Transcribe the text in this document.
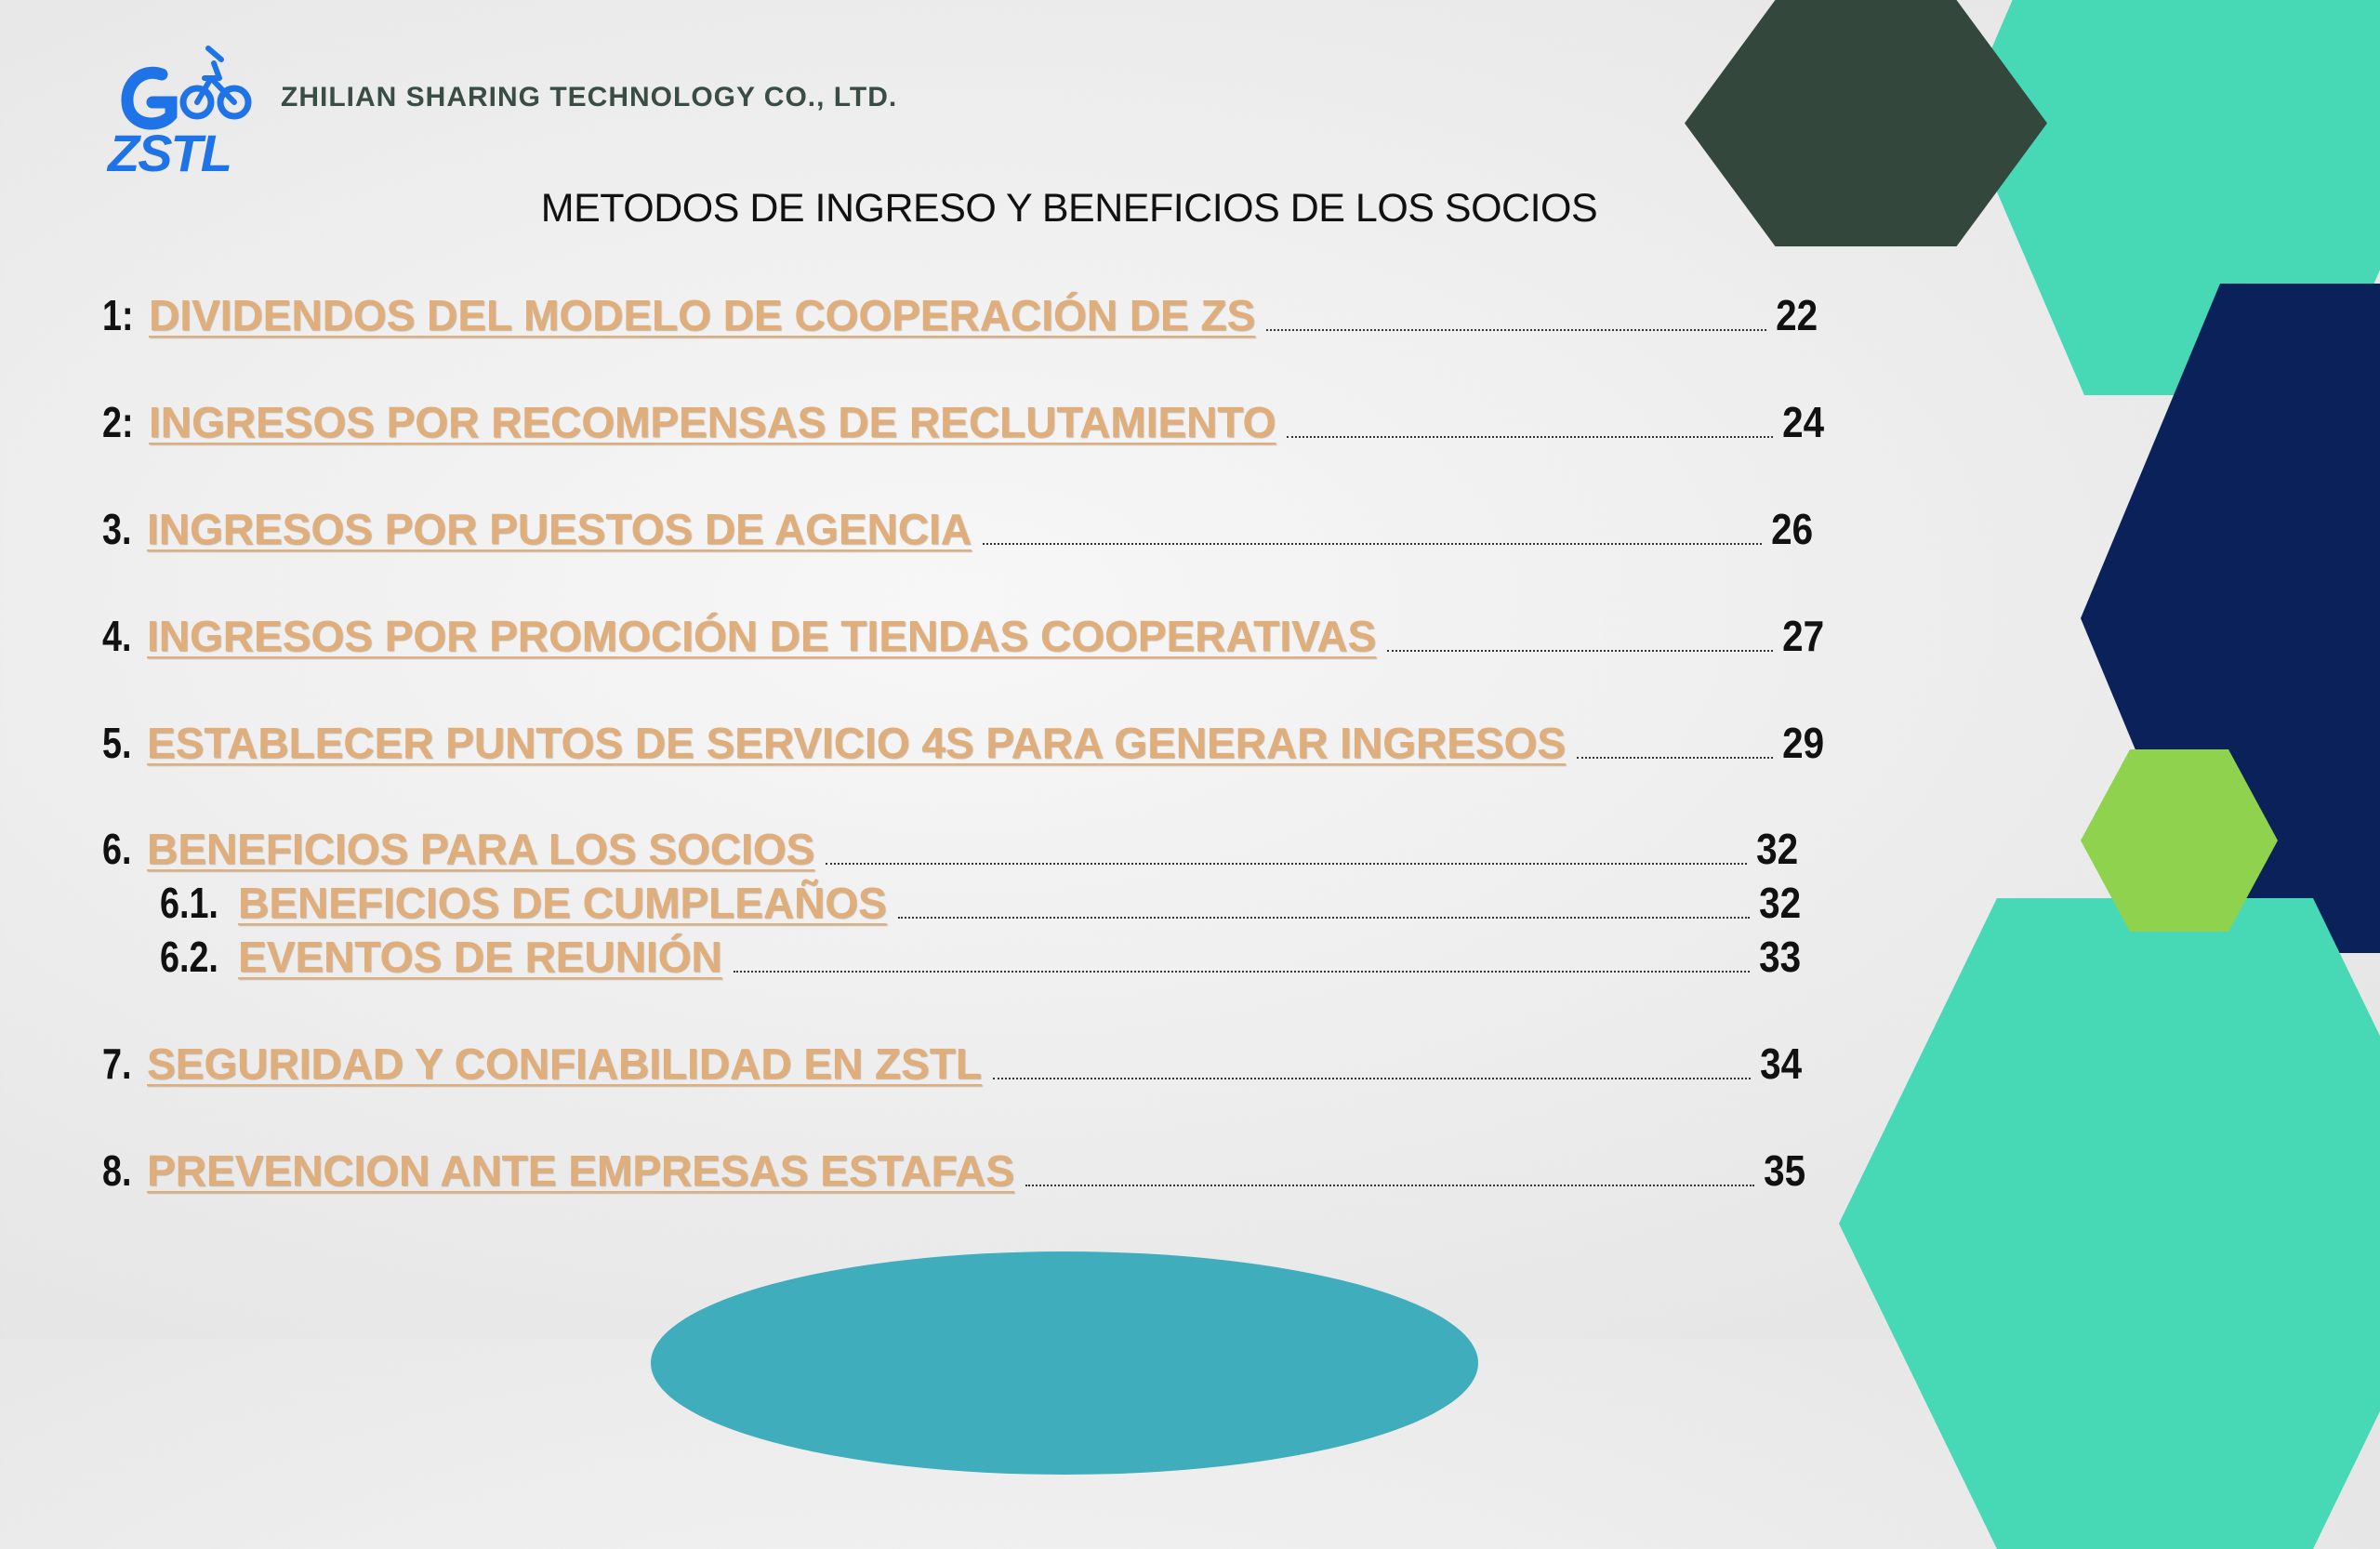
ZSTL
ZHILIAN SHARING TECHNOLOGY CO., LTD.
METODOS DE INGRESO Y BENEFICIOS DE LOS SOCIOS
1: DIVIDENDOS DEL MODELO DE COOPERACIÓN DE ZS	22
2: INGRESOS POR RECOMPENSAS DE RECLUTAMIENTO	24
3. INGRESOS POR PUESTOS DE AGENCIA	26
4. INGRESOS POR PROMOCIÓN DE TIENDAS COOPERATIVAS	27
5. ESTABLECER PUNTOS DE SERVICIO 4S PARA GENERAR INGRESOS	29
6. BENEFICIOS PARA LOS SOCIOS	32
6.1. BENEFICIOS DE CUMPLEAÑOS	32
6.2. EVENTOS DE REUNIÓN	33
7. SEGURIDAD Y CONFIABILIDAD EN ZSTL	34
8. PREVENCION ANTE EMPRESAS ESTAFAS	35
